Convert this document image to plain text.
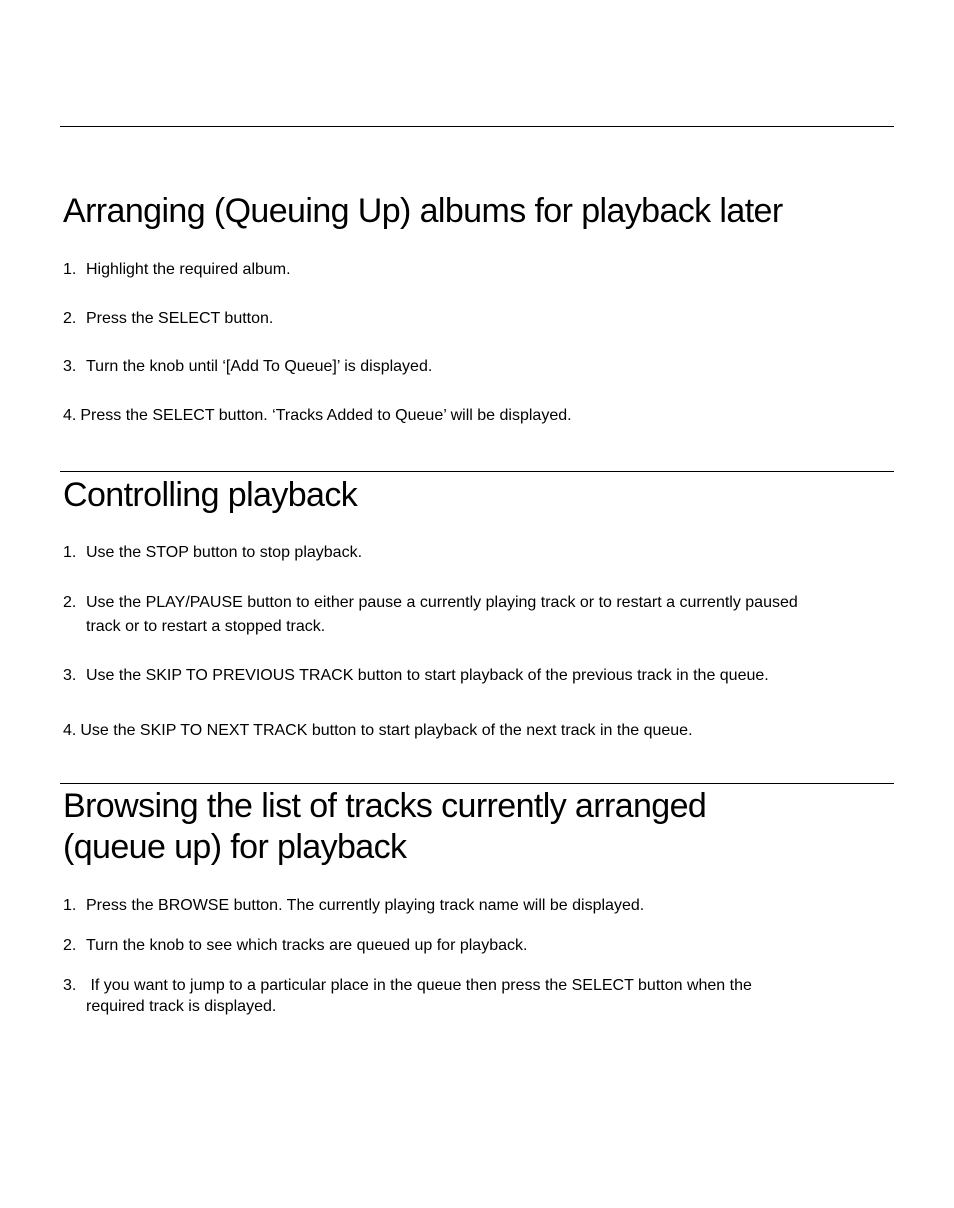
Arranging (Queuing Up) albums for playback later

1. Highlight the required album.

2. Press the SELECT button.

3. Turn the knob until ‘[Add To Queue]’ is displayed.

4. Press the SELECT button. ‘Tracks Added to Queue’ will be displayed.

Controlling playback

1. Use the STOP button to stop playback.

2. Use the PLAY/PAUSE button to either pause a currently playing track or to restart a currently paused
track or to restart a stopped track.

3. Use the SKIP TO PREVIOUS TRACK button to start playback of the previous track in the queue.

4. Use the SKIP TO NEXT TRACK button to start playback of the next track in the queue.

Browsing the list of tracks currently arranged
(queue up) for playback

1. Press the BROWSE button. The currently playing track name will be displayed.

2. Turn the knob to see which tracks are queued up for playback.

3. If you want to jump to a particular place in the queue then press the SELECT button when the
required track is displayed.
